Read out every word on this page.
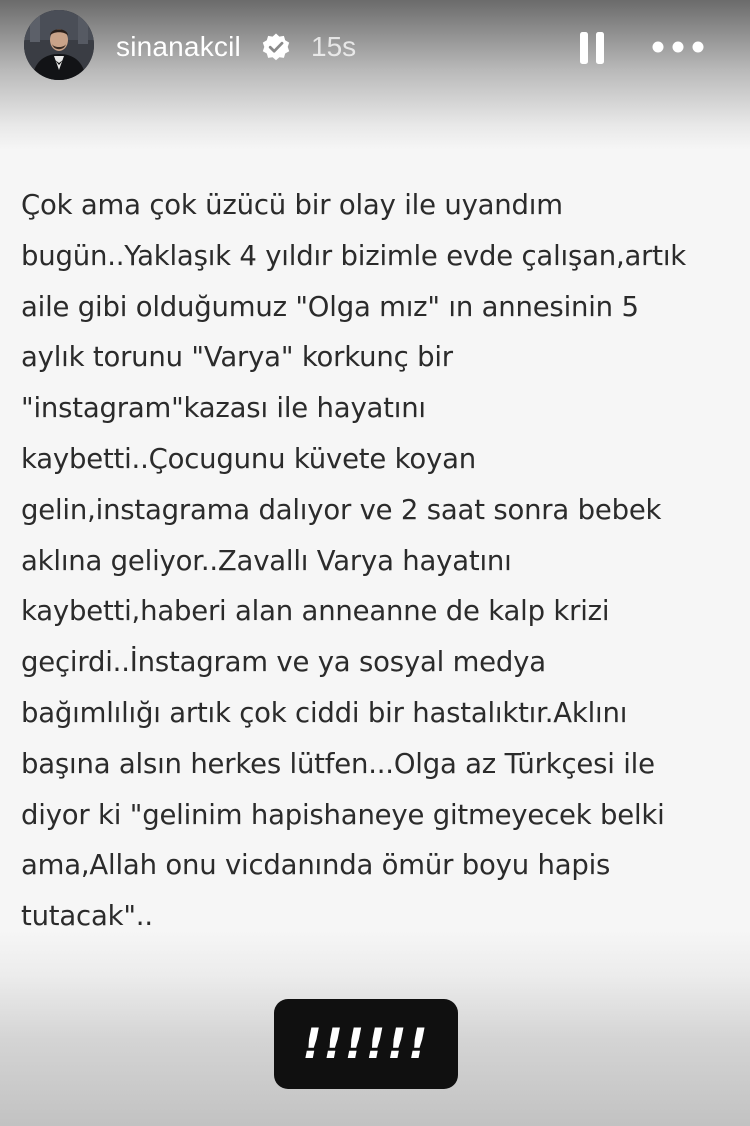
sinanakcil	15s

Çok ama çok üzücü bir olay ile uyandım
bugün..Yaklaşık 4 yıldır bizimle evde çalışan,artık
aile gibi olduğumuz "Olga mız" ın annesinin 5
aylık torunu "Varya" korkunç bir
"instagram"kazası ile hayatını
kaybetti..Çocugunu küvete koyan
gelin,instagrama dalıyor ve 2 saat sonra bebek
aklına geliyor..Zavallı Varya hayatını
kaybetti,haberi alan anneanne de kalp krizi
geçirdi..İnstagram ve ya sosyal medya
bağımlılığı artık çok ciddi bir hastalıktır.Aklını
başına alsın herkes lütfen...Olga az Türkçesi ile
diyor ki "gelinim hapishaneye gitmeyecek belki
ama,Allah onu vicdanında ömür boyu hapis
tutacak"..

!!!!!!
